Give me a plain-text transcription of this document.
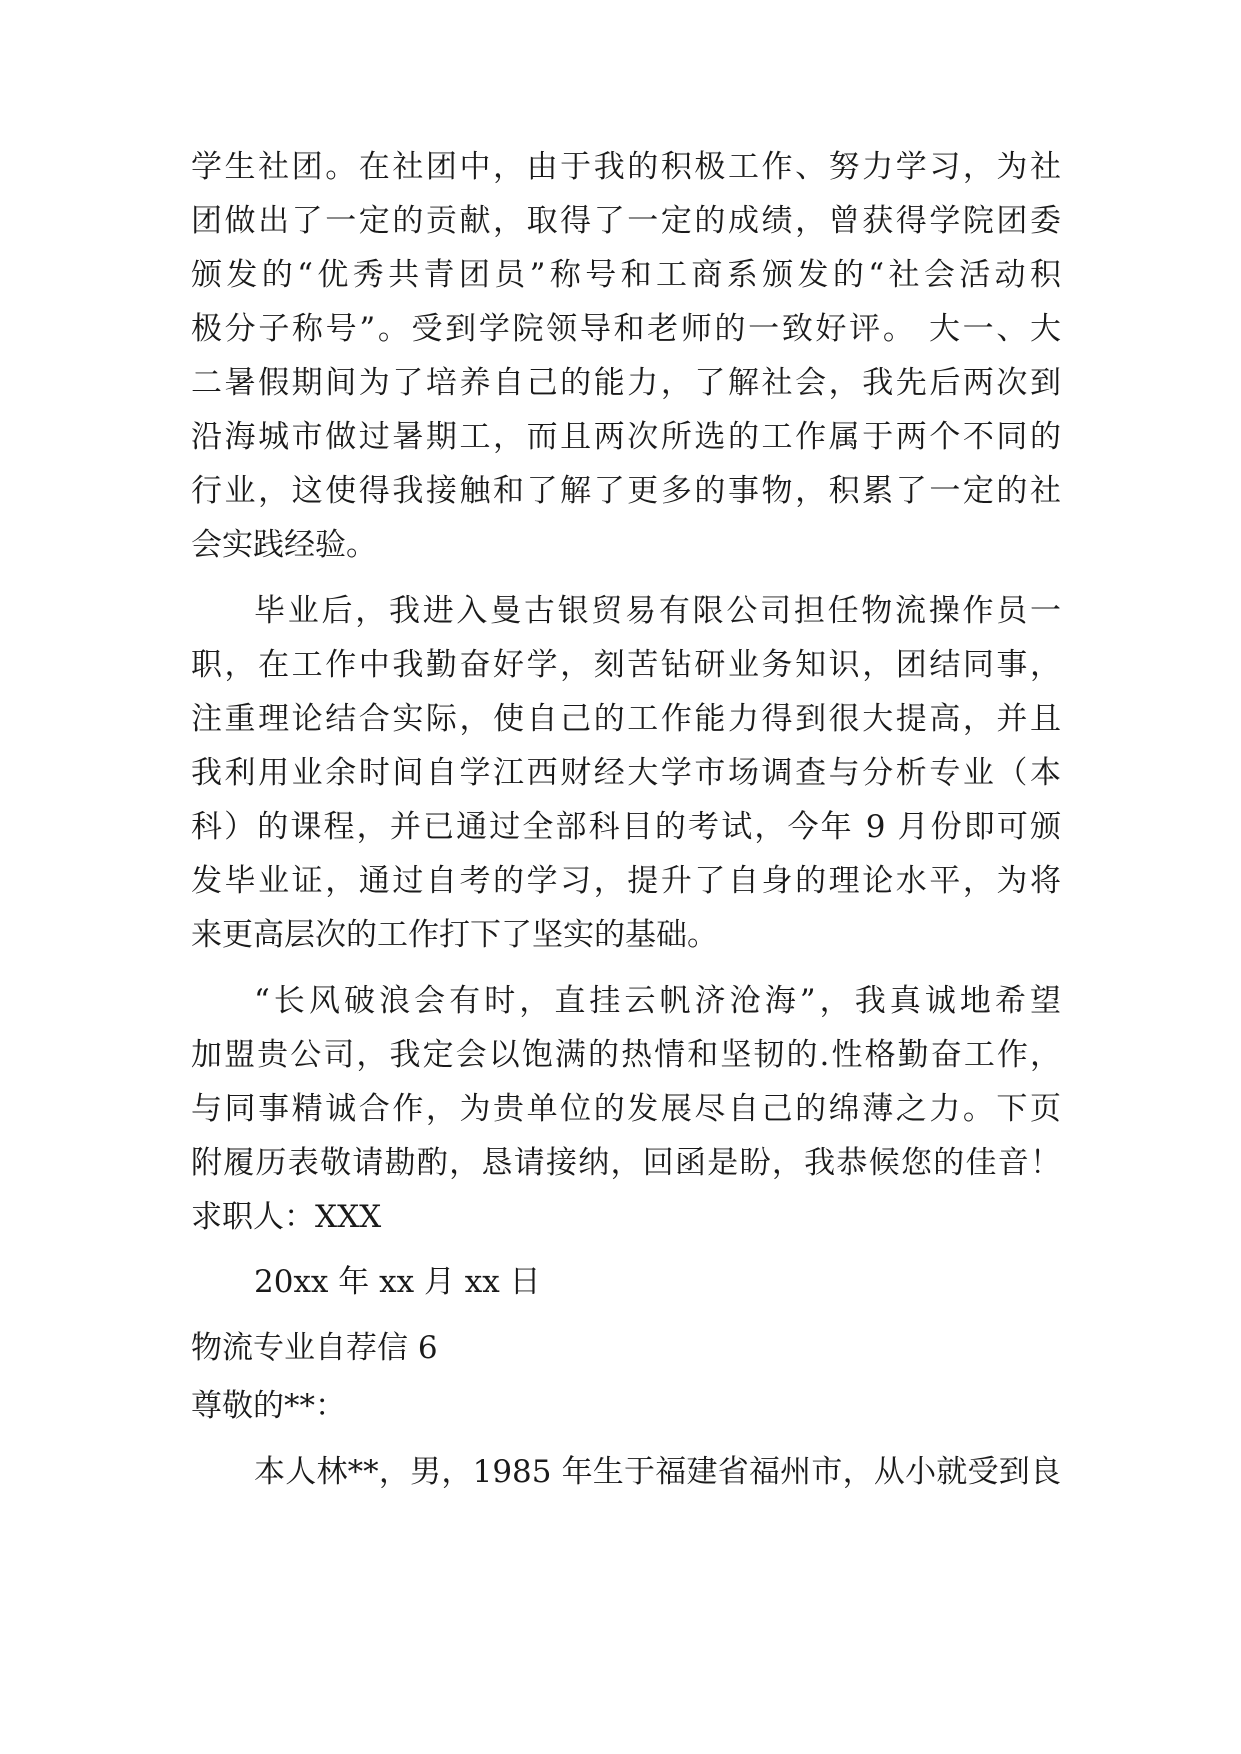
学生社团。在社团中，由于我的积极工作、努力学习，为社
团做出了一定的贡献，取得了一定的成绩，曾获得学院团委
颁发的“优秀共青团员”称号和工商系颁发的“社会活动积
极分子称号”。受到学院领导和老师的一致好评。 大一、大
二暑假期间为了培养自己的能力，了解社会，我先后两次到
沿海城市做过暑期工，而且两次所选的工作属于两个不同的
行业，这使得我接触和了解了更多的事物，积累了一定的社
会实践经验。
毕业后，我进入曼古银贸易有限公司担任物流操作员一
职，在工作中我勤奋好学，刻苦钻研业务知识，团结同事，
注重理论结合实际，使自己的工作能力得到很大提高，并且
我利用业余时间自学江西财经大学市场调查与分析专业（本
科）的课程，并已通过全部科目的考试，今年 9 月份即可颁
发毕业证，通过自考的学习，提升了自身的理论水平，为将
来更高层次的工作打下了坚实的基础。
“长风破浪会有时，直挂云帆济沧海”，我真诚地希望
加盟贵公司，我定会以饱满的热情和坚韧的.性格勤奋工作，
与同事精诚合作，为贵单位的发展尽自己的绵薄之力。下页
附履历表敬请勘酌，恳请接纳，回函是盼，我恭候您的佳音！
求职人：XXX
20xx 年 xx 月 xx 日
物流专业自荐信 6
尊敬的**：
本人林**，男，1985 年生于福建省福州市，从小就受到良
